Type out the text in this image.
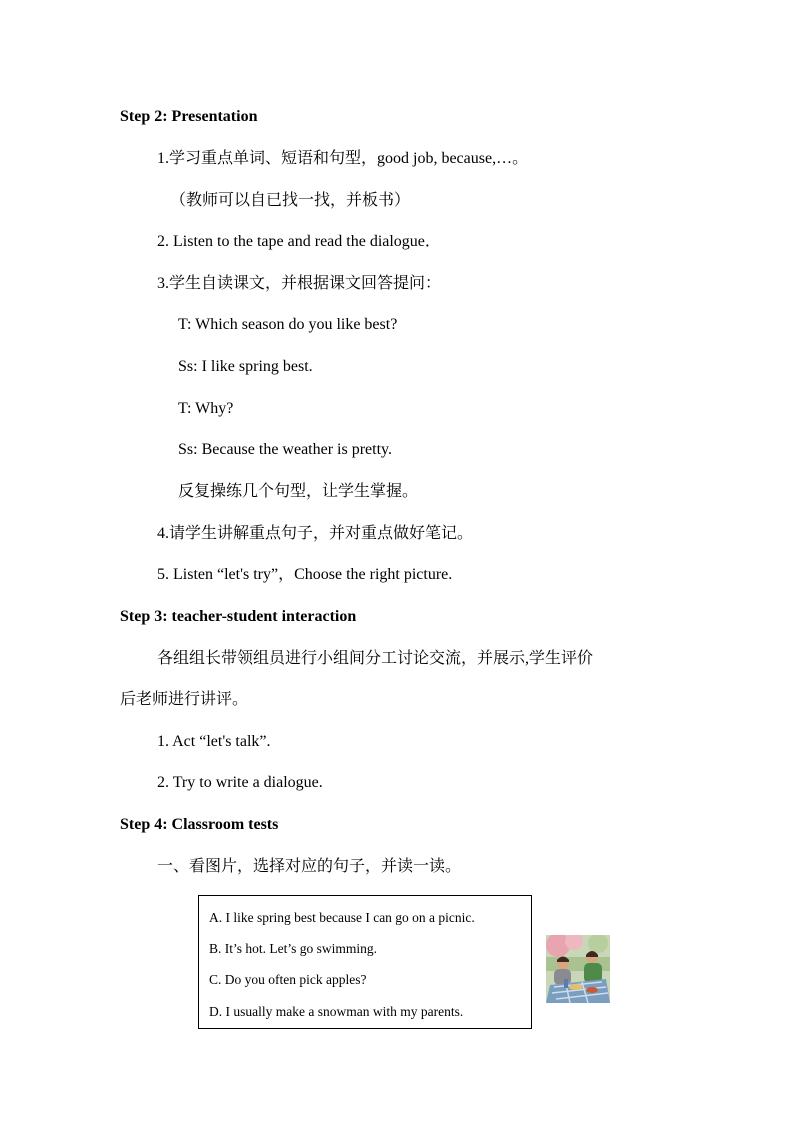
Step 2: Presentation
1.学习重点单词、短语和句型，good job, because,…。
（教师可以自已找一找，并板书）
2. Listen to the tape and read the dialogue．
3.学生自读课文，并根据课文回答提问：
T: Which season do you like best?
Ss: I like spring best.
T: Why?
Ss: Because the weather is pretty.
反复操练几个句型，让学生掌握。
4.请学生讲解重点句子，并对重点做好笔记。
5. Listen “let's try”，Choose the right picture.
Step 3: teacher-student interaction
各组组长带领组员进行小组间分工讨论交流，并展示,学生评价
后老师进行讲评。
1. Act “let's talk”.
2. Try to write a dialogue.
Step 4: Classroom tests
一、看图片，选择对应的句子，并读一读。
A. I like spring best because I can go on a picnic.
B. It’s hot. Let’s go swimming.
C. Do you often pick apples?
D. I usually make a snowman with my parents.
